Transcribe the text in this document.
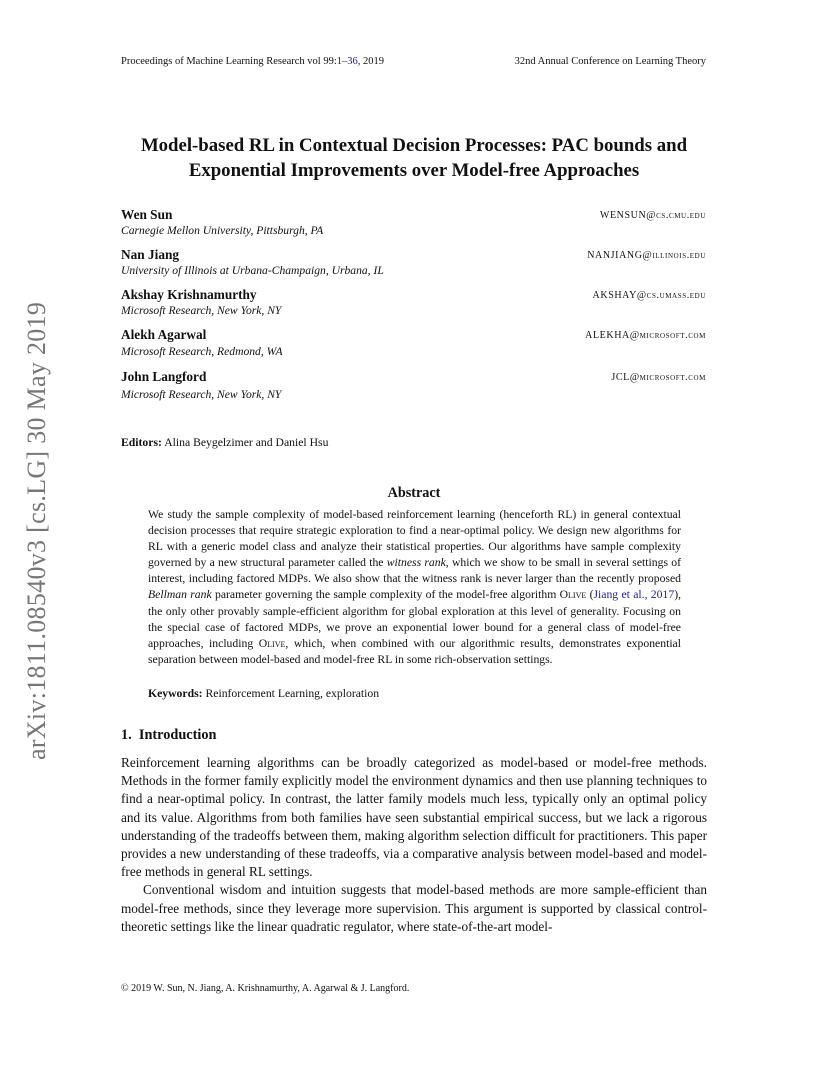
Proceedings of Machine Learning Research vol 99:1–36, 2019	32nd Annual Conference on Learning Theory
arXiv:1811.08540v3 [cs.LG] 30 May 2019
Model-based RL in Contextual Decision Processes: PAC bounds and
Exponential Improvements over Model-free Approaches
Wen Sun
Carnegie Mellon University, Pittsburgh, PA
WENSUN@cs.cmu.edu
Nan Jiang
University of Illinois at Urbana-Champaign, Urbana, IL
NANJIANG@illinois.edu
Akshay Krishnamurthy
Microsoft Research, New York, NY
AKSHAY@cs.umass.edu
Alekh Agarwal
Microsoft Research, Redmond, WA
ALEKHA@microsoft.com
John Langford
Microsoft Research, New York, NY
JCL@microsoft.com
Editors: Alina Beygelzimer and Daniel Hsu
Abstract

We study the sample complexity of model-based reinforcement learning (henceforth RL) in general contextual decision processes that require strategic exploration to find a near-optimal policy. We design new algorithms for RL with a generic model class and analyze their statistical properties. Our algorithms have sample complexity governed by a new structural parameter called the witness rank, which we show to be small in several settings of interest, including factored MDPs. We also show that the witness rank is never larger than the recently proposed Bellman rank parameter governing the sample complexity of the model-free algorithm Olive (Jiang et al., 2017), the only other provably sample-efficient algorithm for global exploration at this level of generality. Focusing on the special case of factored MDPs, we prove an exponential lower bound for a general class of model-free approaches, including Olive, which, when combined with our algorithmic results, demonstrates exponential separation between model-based and model-free RL in some rich-observation settings.

Keywords: Reinforcement Learning, exploration
1. Introduction

Reinforcement learning algorithms can be broadly categorized as model-based or model-free methods. Methods in the former family explicitly model the environment dynamics and then use planning techniques to find a near-optimal policy. In contrast, the latter family models much less, typically only an optimal policy and its value. Algorithms from both families have seen substantial empirical success, but we lack a rigorous understanding of the tradeoffs between them, making algorithm selection difficult for practitioners. This paper provides a new understanding of these tradeoffs, via a comparative analysis between model-based and model-free methods in general RL settings.

Conventional wisdom and intuition suggests that model-based methods are more sample-efficient than model-free methods, since they leverage more supervision. This argument is supported by classical control-theoretic settings like the linear quadratic regulator, where state-of-the-art model-

© 2019 W. Sun, N. Jiang, A. Krishnamurthy, A. Agarwal & J. Langford.
